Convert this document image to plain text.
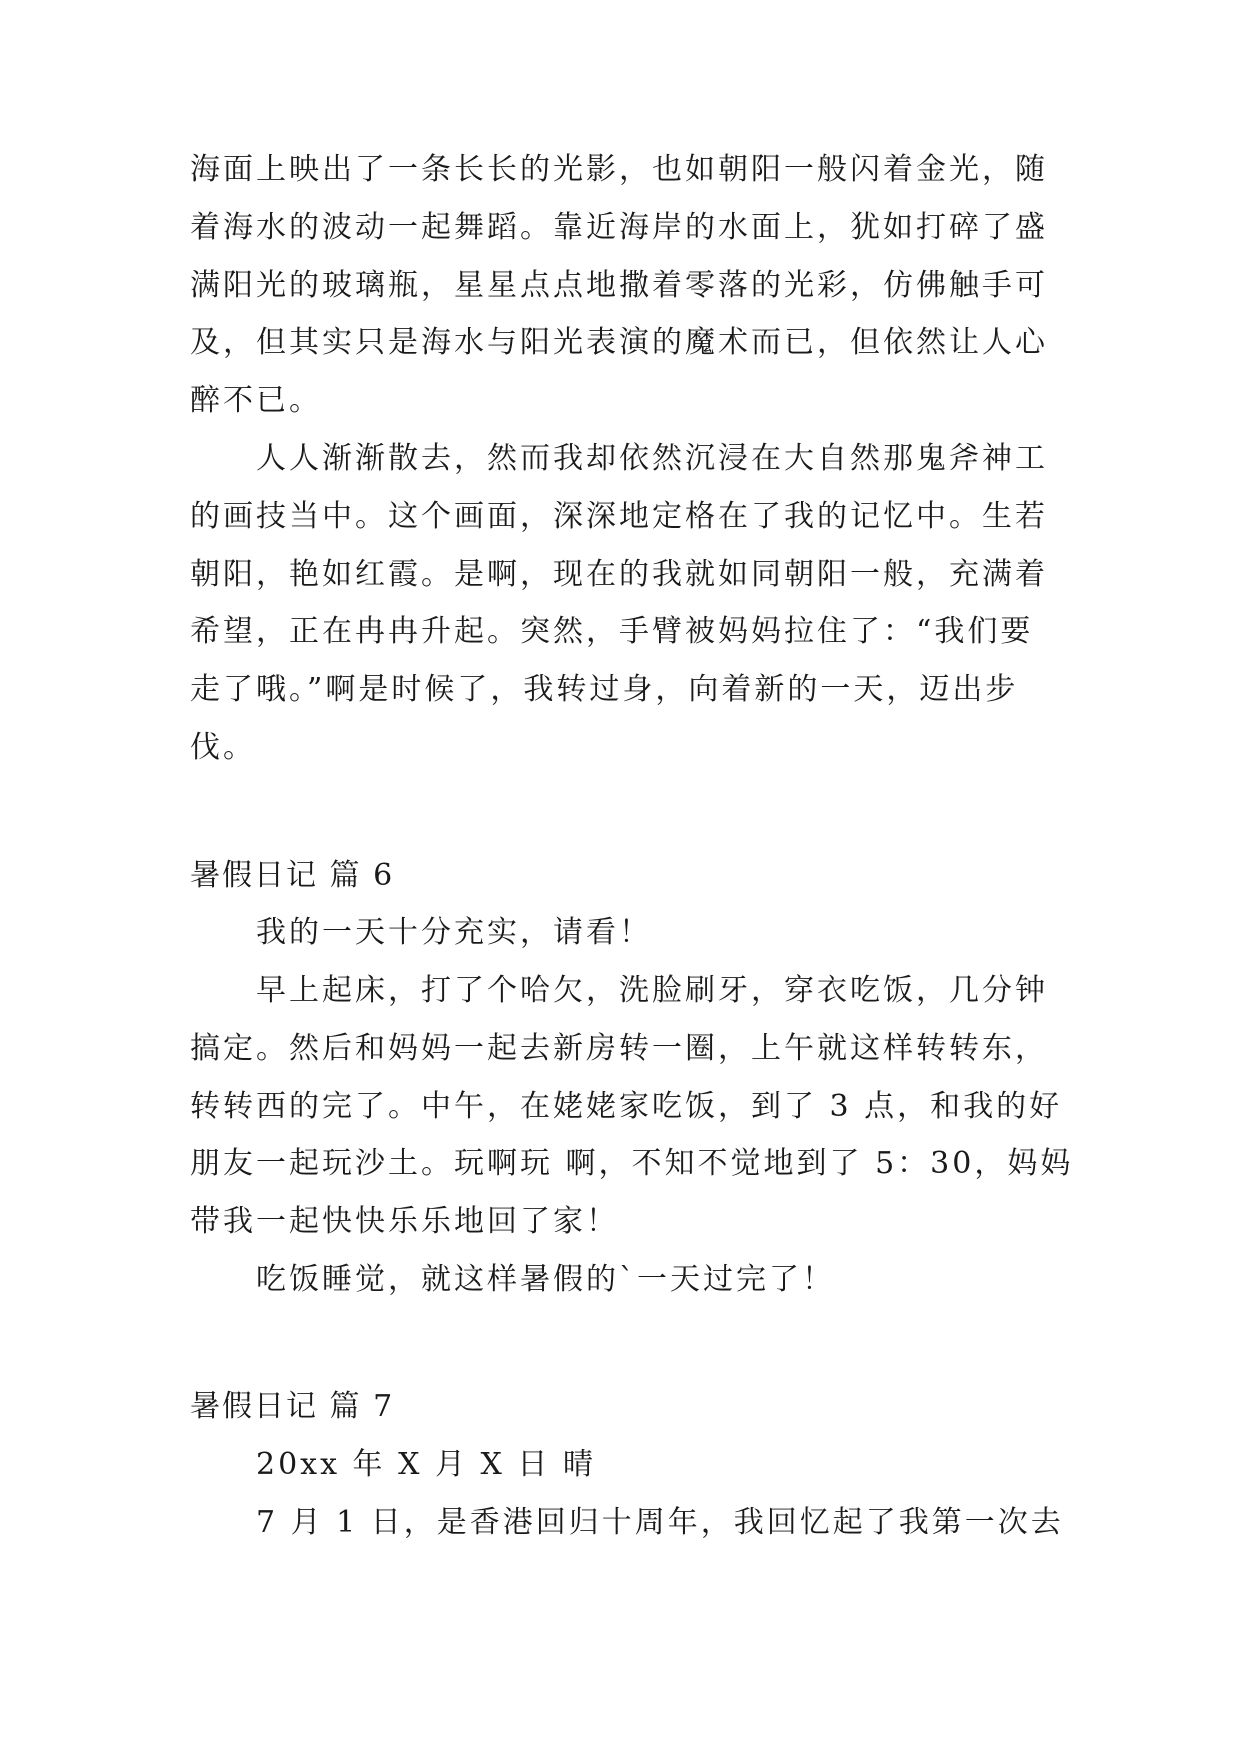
海面上映出了一条长长的光影，也如朝阳一般闪着金光，随
着海水的波动一起舞蹈。靠近海岸的水面上，犹如打碎了盛
满阳光的玻璃瓶，星星点点地撒着零落的光彩，仿佛触手可
及，但其实只是海水与阳光表演的魔术而已，但依然让人心
醉不已。
人人渐渐散去，然而我却依然沉浸在大自然那鬼斧神工
的画技当中。这个画面，深深地定格在了我的记忆中。生若
朝阳，艳如红霞。是啊，现在的我就如同朝阳一般，充满着
希望，正在冉冉升起。突然，手臂被妈妈拉住了：“我们要
走了哦。”啊是时候了，我转过身，向着新的一天，迈出步
伐。
暑假日记 篇 6
我的一天十分充实，请看！
早上起床，打了个哈欠，洗脸刷牙，穿衣吃饭，几分钟
搞定。然后和妈妈一起去新房转一圈，上午就这样转转东，
转转西的完了。中午，在姥姥家吃饭，到了 3 点，和我的好
朋友一起玩沙土。玩啊玩 啊，不知不觉地到了 5：30，妈妈
带我一起快快乐乐地回了家！
吃饭睡觉，就这样暑假的`一天过完了！
暑假日记 篇 7
20xx 年 X 月 X 日 晴
7 月 1 日，是香港回归十周年，我回忆起了我第一次去
